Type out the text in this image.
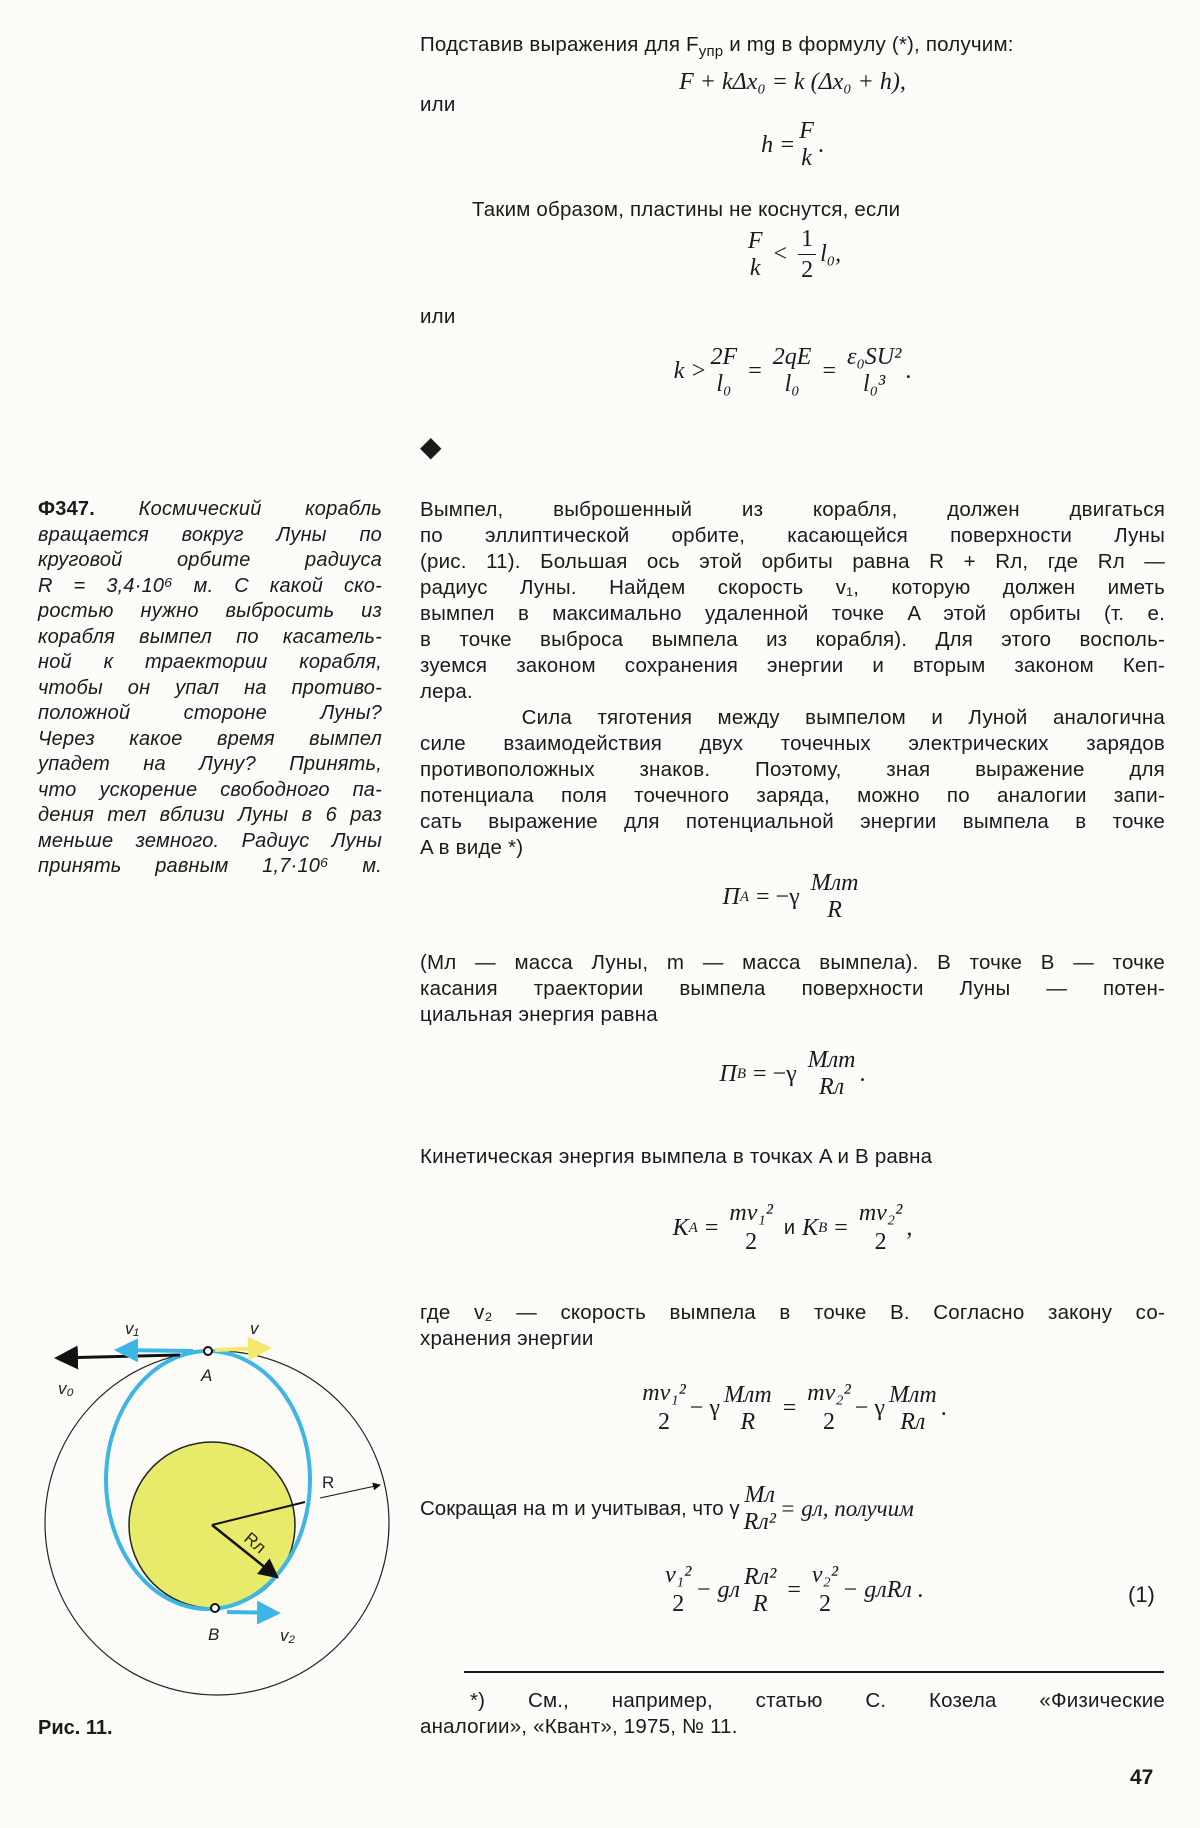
Подставив выражения для $F_{упр}$ и mg в формулу (*), получим:
F + kΔx₀ = k (Δx₀ + h),
или
h =
F
k
.
Таким образом, пластины не коснутся, если
F
k
< $\frac{1}{2} l_0$,
или
k >
2F
l₀
=
2qE
l₀
=
ε₀SU²
l₀³
.
◆
Ф347. Космический корабль
вращается вокруг Луны по
круговой орбите радиуса
R = 3,4·10⁶ м. С какой ско-
ростью нужно выбросить из
корабля вымпел по касатель-
ной к траектории корабля,
чтобы он упал на противо-
положной стороне Луны?
Через какое время вымпел
упадет на Луну? Принять,
что ускорение свободного па-
дения тел вблизи Луны в 6 раз
меньше земного. Радиус Луны
принять равным 1,7·10⁶ м.
Вымпел, выброшенный из корабля, должен двигаться
по эллиптической орбите, касающейся поверхности Луны
(рис. 11). Большая ось этой орбиты равна R + Rл, где Rл —
радиус Луны. Найдем скорость v₁, которую должен иметь
вымпел в максимально удаленной точке A этой орбиты (т. е.
в точке выброса вымпела из корабля). Для этого восполь-
зуемся законом сохранения энергии и вторым законом Кеп-
лера.
Сила тяготения между вымпелом и Луной аналогична
силе взаимодействия двух точечных электрических зарядов
противоположных знаков. Поэтому, зная выражение для
потенциала поля точечного заряда, можно по аналогии запи-
сать выражение для потенциальной энергии вымпела в точке
A в виде *)
Π A = −γ
Mлm
R
(Mл — масса Луны, m — масса вымпела). В точке B — точке
касания траектории вымпела поверхности Луны — потен-
циальная энергия равна
Π B = −γ
Mлm
Rл
.
Кинетическая энергия вымпела в точках A и B равна
K A =
mv₁²
2
и K B =
mv₂²
2
,
где v₂ — скорость вымпела в точке B. Согласно закону со-
хранения энергии
mv₁²
2
− γ
Mлm
R
=
mv₂²
2
− γ
Mлm
Rл
.
Сокращая на m и учитывая, что γ
Mл
Rл²
= gл, получим
v₁²
2
− gл
Rл²
R
=
v₂²
2
− gлRл .	(1)
*) См., например, статью С. Козела «Физические
аналогии», «Квант», 1975, № 11.
47
v₁	v
v₀
A
B	v₂
R
Rл
Рис. 11.
